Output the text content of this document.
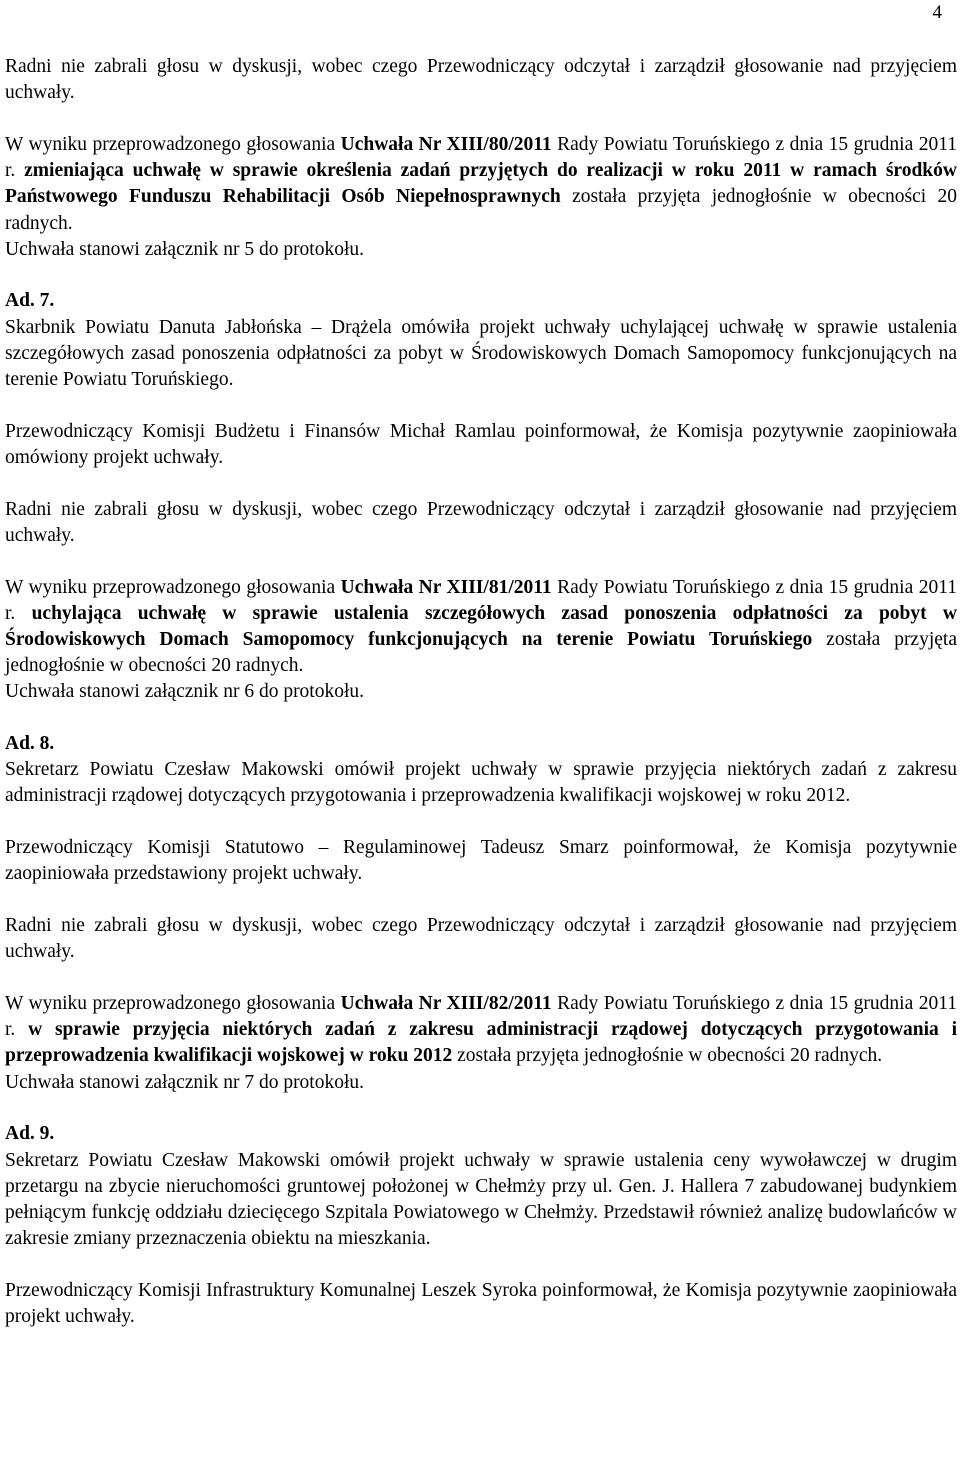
4

Radni nie zabrali głosu w dyskusji, wobec czego Przewodniczący odczytał i zarządził głosowanie nad przyjęciem uchwały.

W wyniku przeprowadzonego głosowania Uchwała Nr XIII/80/2011 Rady Powiatu Toruńskiego z dnia 15 grudnia 2011 r. zmieniająca uchwałę w sprawie określenia zadań przyjętych do realizacji w roku 2011 w ramach środków Państwowego Funduszu Rehabilitacji Osób Niepełnosprawnych została przyjęta jednogłośnie w obecności 20 radnych.
Uchwała stanowi załącznik nr 5 do protokołu.
Ad. 7.
Skarbnik Powiatu Danuta Jabłońska – Drążela omówiła projekt uchwały uchylającej uchwałę w sprawie ustalenia szczegółowych zasad ponoszenia odpłatności za pobyt w Środowiskowych Domach Samopomocy funkcjonujących na terenie Powiatu Toruńskiego.

Przewodniczący Komisji Budżetu i Finansów Michał Ramlau poinformował, że Komisja pozytywnie zaopiniowała omówiony projekt uchwały.

Radni nie zabrali głosu w dyskusji, wobec czego Przewodniczący odczytał i zarządził głosowanie nad przyjęciem uchwały.

W wyniku przeprowadzonego głosowania Uchwała Nr XIII/81/2011 Rady Powiatu Toruńskiego z dnia 15 grudnia 2011 r. uchylająca uchwałę w sprawie ustalenia szczegółowych zasad ponoszenia odpłatności za pobyt w Środowiskowych Domach Samopomocy funkcjonujących na terenie Powiatu Toruńskiego została przyjęta jednogłośnie w obecności 20 radnych.
Uchwała stanowi załącznik nr 6 do protokołu.
Ad. 8.
Sekretarz Powiatu Czesław Makowski omówił projekt uchwały w sprawie przyjęcia niektórych zadań z zakresu administracji rządowej dotyczących przygotowania i przeprowadzenia kwalifikacji wojskowej w roku 2012.

Przewodniczący Komisji Statutowo – Regulaminowej Tadeusz Smarz poinformował, że Komisja pozytywnie zaopiniowała przedstawiony projekt uchwały.

Radni nie zabrali głosu w dyskusji, wobec czego Przewodniczący odczytał i zarządził głosowanie nad przyjęciem uchwały.

W wyniku przeprowadzonego głosowania Uchwała Nr XIII/82/2011 Rady Powiatu Toruńskiego z dnia 15 grudnia 2011 r. w sprawie przyjęcia niektórych zadań z zakresu administracji rządowej dotyczących przygotowania i przeprowadzenia kwalifikacji wojskowej w roku 2012 została przyjęta jednogłośnie w obecności 20 radnych.
Uchwała stanowi załącznik nr 7 do protokołu.
Ad. 9.
Sekretarz Powiatu Czesław Makowski omówił projekt uchwały w sprawie ustalenia ceny wywoławczej w drugim przetargu na zbycie nieruchomości gruntowej położonej w Chełmży przy ul. Gen. J. Hallera 7 zabudowanej budynkiem pełniącym funkcję oddziału dziecięcego Szpitala Powiatowego w Chełmży. Przedstawił również analizę budowlańców w zakresie zmiany przeznaczenia obiektu na mieszkania.

Przewodniczący Komisji Infrastruktury Komunalnej Leszek Syroka poinformował, że Komisja pozytywnie zaopiniowała projekt uchwały.
